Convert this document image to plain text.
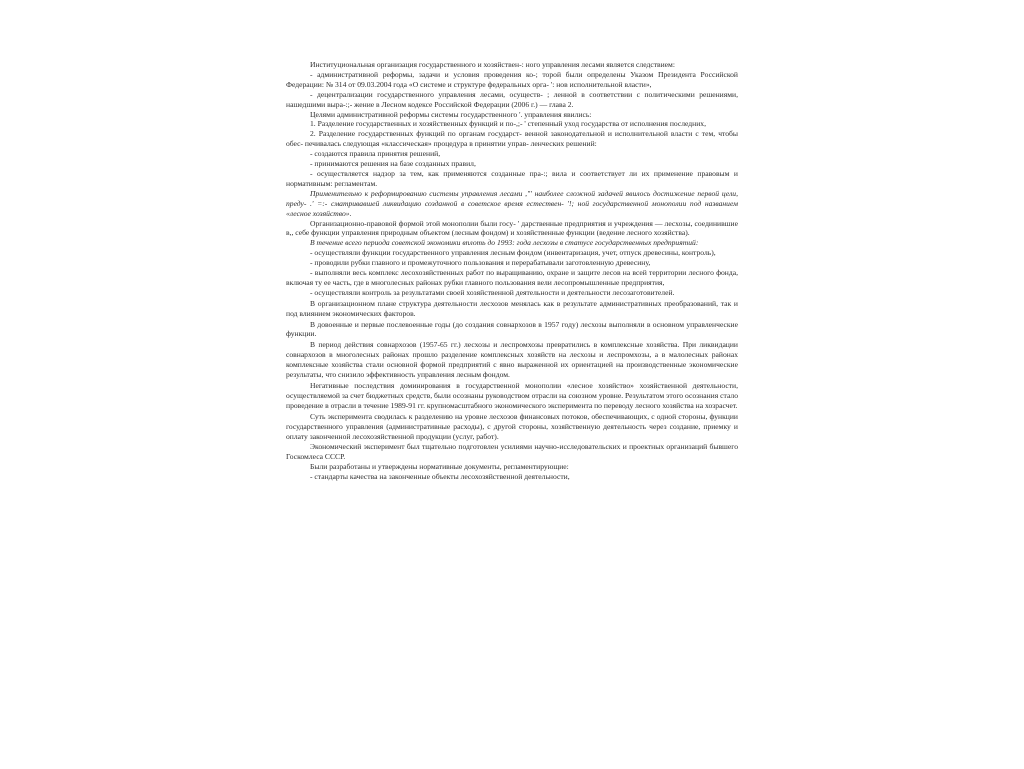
Институциональная организация государственного и хозяйствен-: ного управления лесами является следствием:

- административной реформы, задачи и условия проведения ко-; торой были определены Указом Президента Российской Федерации: № 314 от 09.03.2004 года «О системе и структуре федеральных орга- ': нов исполнительной власти»,

- децентрализации государственного управления лесами, осуществ- ; ленной в соответствии с политическими решениями, нашедшими выра-:;- жение в Лесном кодексе Российской Федерации (2006 г.) — глава 2.

Целями административной реформы системы государственного '. управления явились:

1. Разделение государственных и хозяйственных функций и по-,;- ' степенный уход государства от исполнения последних,

2. Разделение государственных функций по органам государст- венной законодательной и исполнительной власти с тем, чтобы обес- печивалась следующая «классическая» процедура в принятии управ- ленческих решений:

- создаются правила принятия решений,

- принимаются решения на базе созданных правил,

- осуществляется надзор за тем, как применяются созданные пра-:; вила и соответствует ли их применение правовым и нормативным: регламентам.

Применительно к реформированию системы управления лесами ,"' наиболее сложной задачей явилось достижение первой цели, преду- .' =:- сматривавшей ликвидацию созданной в советское время естествен- '!; ной государственной монополии под названием «лесное хозяйство».

Организационно-правовой формой этой монополии были госу- ' дарственные предприятия и учреждения — лесхозы, соединившие в,, себе функции управления природным объектом (лесным фондом) и хозяйственные функции (ведение лесного хозяйства).

В течение всего периода советской экономики вплоть до 1993: года лесхозы в статусе государственных предприятий:

- осуществляли функции государственного управления лесным фондом (инвентаризация, учет, отпуск древесины, контроль),

- проводили рубки главного и промежуточного пользования и перерабатывали заготовленную древесину,

- выполняли весь комплекс лесохозяйственных работ по выращиванию, охране и защите лесов на всей территории лесного фонда, включая ту ее часть, где в многолесных районах рубки главного пользования вели лесопромышленные предприятия,

- осуществляли контроль за результатами своей хозяйственной деятельности и деятельности лесозаготовителей.

В организационном плане структура деятельности лесхозов менялась как в результате административных преобразований, так и под влиянием экономических факторов.

В довоенные и первые послевоенные годы (до создания совнархозов в 1957 году) лесхозы выполняли в основном управленческие функции.

В период действия совнархозов (1957-65 гг.) лесхозы и леспромхозы превратились в комплексные хозяйства. При ликвидации совнархозов в многолесных районах прошло разделение комплексных хозяйств на лесхозы и леспромхозы, а в малолесных районах комплексные хозяйства стали основной формой предприятий с явно выраженной их ориентацией на производственные экономические результаты, что снизило эффективность управления лесным фондом.

Негативные последствия доминирования в государственной монополии «лесное хозяйство» хозяйственной деятельности, осуществляемой за счет бюджетных средств, были осознаны руководством отрасли на союзном уровне. Результатом этого осознания стало проведение в отрасли в течение 1989-91 гг. крупномасштабного экономического эксперимента по переводу лесного хозяйства на хозрасчет.

Суть эксперимента сводилась к разделению на уровне лесхозов финансовых потоков, обеспечивающих, с одной стороны, функции государственного управления (административные расходы), с другой стороны, хозяйственную деятельность через создание, приемку и оплату законченной лесохозяйственной продукции (услуг, работ).

Экономический эксперимент был тщательно подготовлен усилиями научно-исследовательских и проектных организаций бывшего Госкомлеса СССР.

Были разработаны и утверждены нормативные документы, регламентирующие:

- стандарты качества на законченные объекты лесохозяйственной деятельности,
